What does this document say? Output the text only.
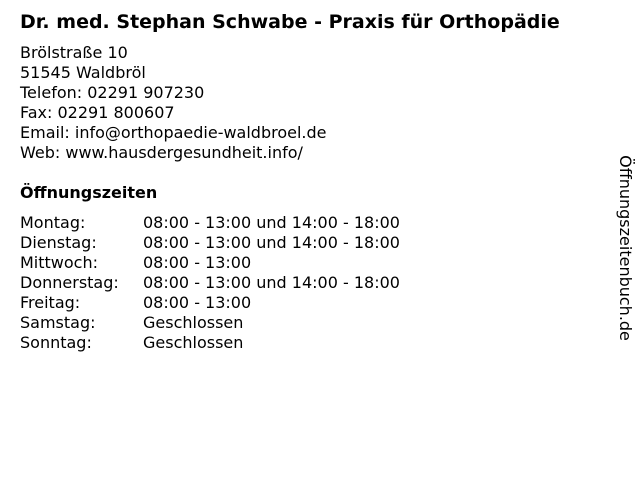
Dr. med. Stephan Schwabe - Praxis für Orthopädie
Brölstraße 10
51545 Waldbröl
Telefon: 02291 907230
Fax: 02291 800607
Email: info@orthopaedie-waldbroel.de
Web: www.hausdergesundheit.info/
Öffnungszeiten
Montag:	08:00 - 13:00 und 14:00 - 18:00
Dienstag:	08:00 - 13:00 und 14:00 - 18:00
Mittwoch:	08:00 - 13:00
Donnerstag:	08:00 - 13:00 und 14:00 - 18:00
Freitag:	08:00 - 13:00
Samstag:	Geschlossen
Sonntag:	Geschlossen
Öffnungszeitenbuch.de
